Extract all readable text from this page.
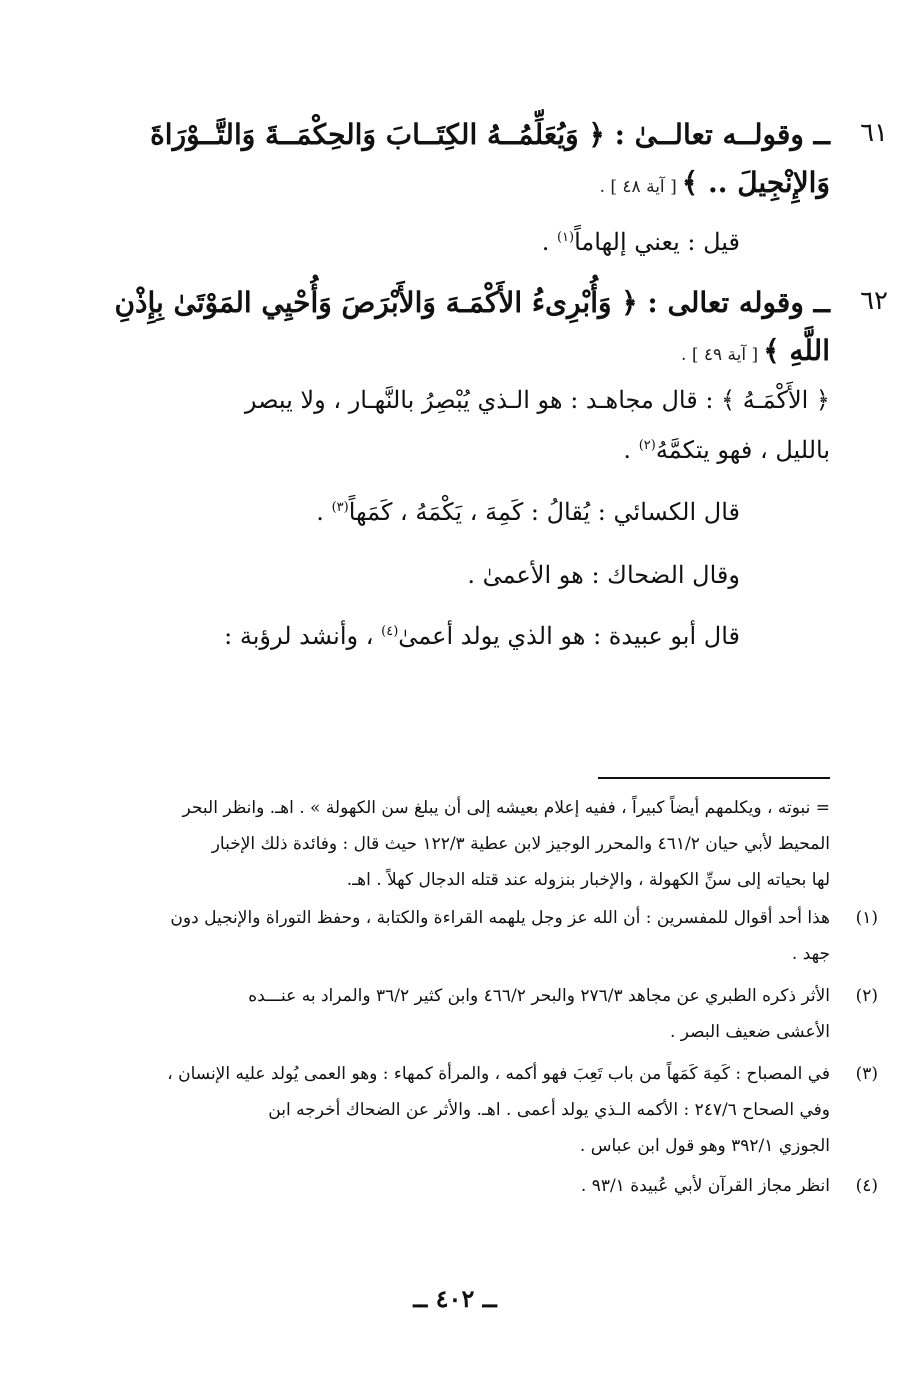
٦١
ــ وقولــه تعالــىٰ : ﴿ وَيُعَلِّمُــهُ الكِتَــابَ وَالحِكْمَــةَ وَالتَّــوْرَاةَ
وَالإِنْجِيلَ .. ﴾ [ آية ٤٨ ] .
قيل : يعني إلهاماً$^{(١)}$ .
٦٢
ــ وقوله تعالى : ﴿ وَأُبْرِىءُ الأَكْمَـهَ وَالأَبْرَصَ وَأُحْيِي المَوْتَىٰ بِإِذْنِ
اللَّهِ ﴾ [ آية ٤٩ ] .
﴿ الأَكْمَـهُ ﴾ : قال مجاهـد : هو الـذي يُبْصِرُ بالنَّهـار ، ولا يبصر
بالليل ، فهو يتكمَّهُ$^{(٢)}$ .
قال الكسائي : يُقالُ : كَمِهَ ، يَكْمَهُ ، كَمَهاً$^{(٣)}$ .
وقال الضحاك : هو الأعمىٰ .
قال أبو عبيدة : هو الذي يولد أعمىٰ$^{(٤)}$ ، وأنشد لرؤبة :
= نبوته ، ويكلمهم أيضاً كبيراً ، ففيه إعلام بعيشه إلى أن يبلغ سن الكهولة » . اهـ. وانظر البحر
المحيط لأبي حيان ٤٦١/٢ والمحرر الوجيز لابن عطية ١٢٢/٣ حيث قال : وفائدة ذلك الإخبار
لها بحياته إلى سنِّ الكهولة ، والإخبار بنزوله عند قتله الدجال كهلاً . اهـ.
(١)
هذا أحد أقوال للمفسرين : أن الله عز وجل يلهمه القراءة والكتابة ، وحفظ التوراة والإنجيل دون
جهد .
(٢)
الأثر ذكره الطبري عن مجاهد ٢٧٦/٣ والبحر ٤٦٦/٢ وابن كثير ٣٦/٢ والمراد به عنـــده
الأعشى ضعيف البصر .
(٣)
في المصباح : كَمِهَ كَمَهاً من باب تَعِبَ فهو أكمه ، والمرأة كمهاء : وهو العمى يُولد عليه الإنسان ،
وفي الصحاح ٢٤٧/٦ : الأكمه الـذي يولد أعمى . اهـ. والأثر عن الضحاك أخرجه ابن
الجوزي ٣٩٢/١ وهو قول ابن عباس .
(٤)
انظر مجاز القرآن لأبي عُبيدة ٩٣/١ .
ــ ٤٠٢ ــ
